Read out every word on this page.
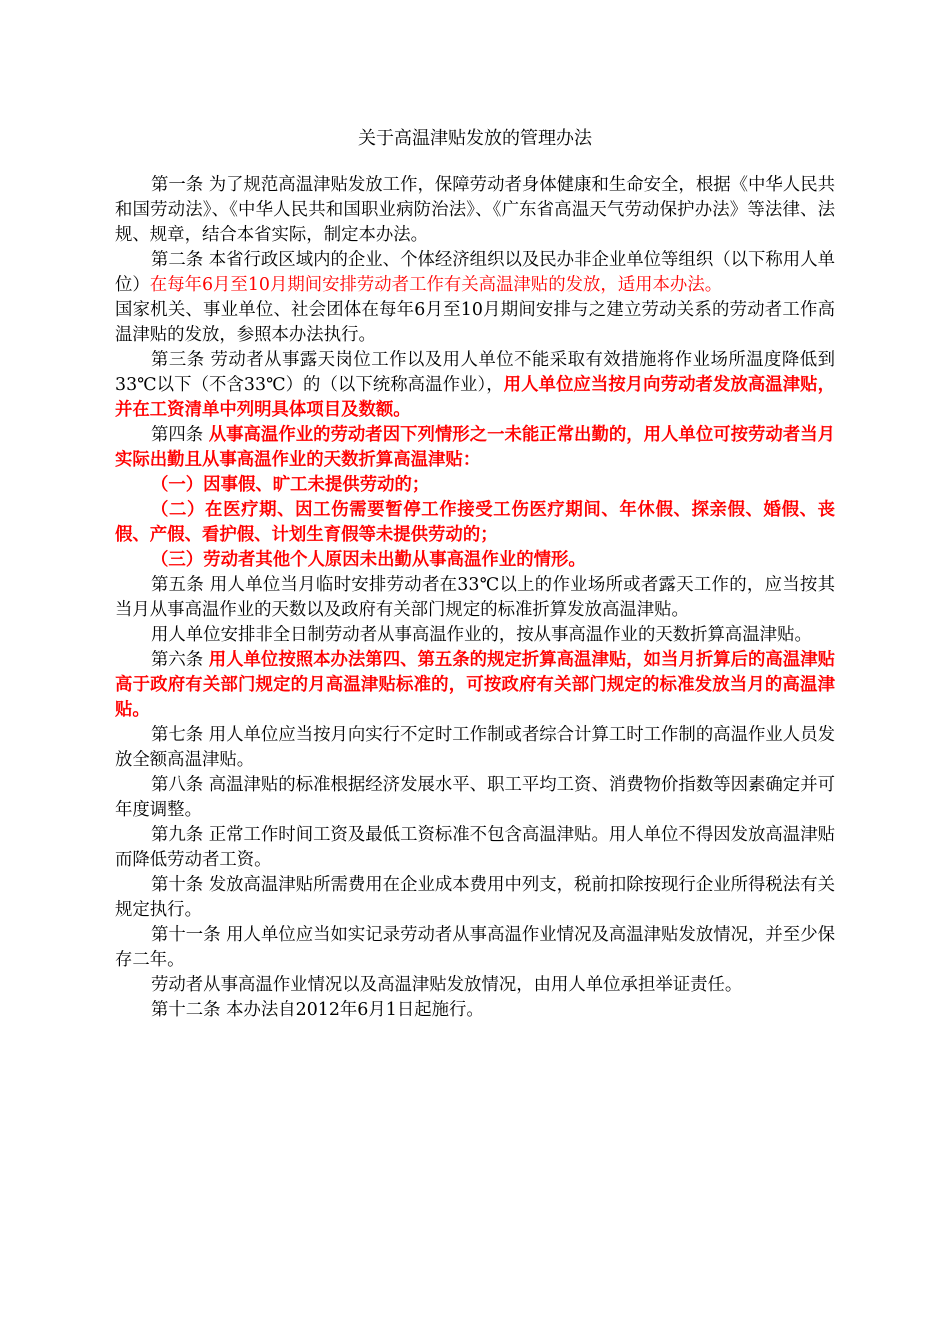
关于高温津贴发放的管理办法

第一条 为了规范高温津贴发放工作，保障劳动者身体健康和生命安全，根据《中华人民共和国劳动法》、《中华人民共和国职业病防治法》、《广东省高温天气劳动保护办法》等法律、法规、规章，结合本省实际，制定本办法。

第二条 本省行政区域内的企业、个体经济组织以及民办非企业单位等组织（以下称用人单位）在每年6月至10月期间安排劳动者工作有关高温津贴的发放，适用本办法。

国家机关、事业单位、社会团体在每年6月至10月期间安排与之建立劳动关系的劳动者工作高温津贴的发放，参照本办法执行。

第三条 劳动者从事露天岗位工作以及用人单位不能采取有效措施将作业场所温度降低到33℃以下（不含33℃）的（以下统称高温作业），用人单位应当按月向劳动者发放高温津贴，并在工资清单中列明具体项目及数额。

第四条 从事高温作业的劳动者因下列情形之一未能正常出勤的，用人单位可按劳动者当月实际出勤且从事高温作业的天数折算高温津贴：

（一）因事假、旷工未提供劳动的；

（二）在医疗期、因工伤需要暂停工作接受工伤医疗期间、年休假、探亲假、婚假、丧假、产假、看护假、计划生育假等未提供劳动的；

（三）劳动者其他个人原因未出勤从事高温作业的情形。

第五条 用人单位当月临时安排劳动者在33℃以上的作业场所或者露天工作的，应当按其当月从事高温作业的天数以及政府有关部门规定的标准折算发放高温津贴。

用人单位安排非全日制劳动者从事高温作业的，按从事高温作业的天数折算高温津贴。

第六条 用人单位按照本办法第四、第五条的规定折算高温津贴，如当月折算后的高温津贴高于政府有关部门规定的月高温津贴标准的，可按政府有关部门规定的标准发放当月的高温津贴。

第七条 用人单位应当按月向实行不定时工作制或者综合计算工时工作制的高温作业人员发放全额高温津贴。

第八条 高温津贴的标准根据经济发展水平、职工平均工资、消费物价指数等因素确定并可年度调整。

第九条 正常工作时间工资及最低工资标准不包含高温津贴。用人单位不得因发放高温津贴而降低劳动者工资。

第十条 发放高温津贴所需费用在企业成本费用中列支，税前扣除按现行企业所得税法有关规定执行。

第十一条 用人单位应当如实记录劳动者从事高温作业情况及高温津贴发放情况，并至少保存二年。

劳动者从事高温作业情况以及高温津贴发放情况，由用人单位承担举证责任。

第十二条 本办法自2012年6月1日起施行。
